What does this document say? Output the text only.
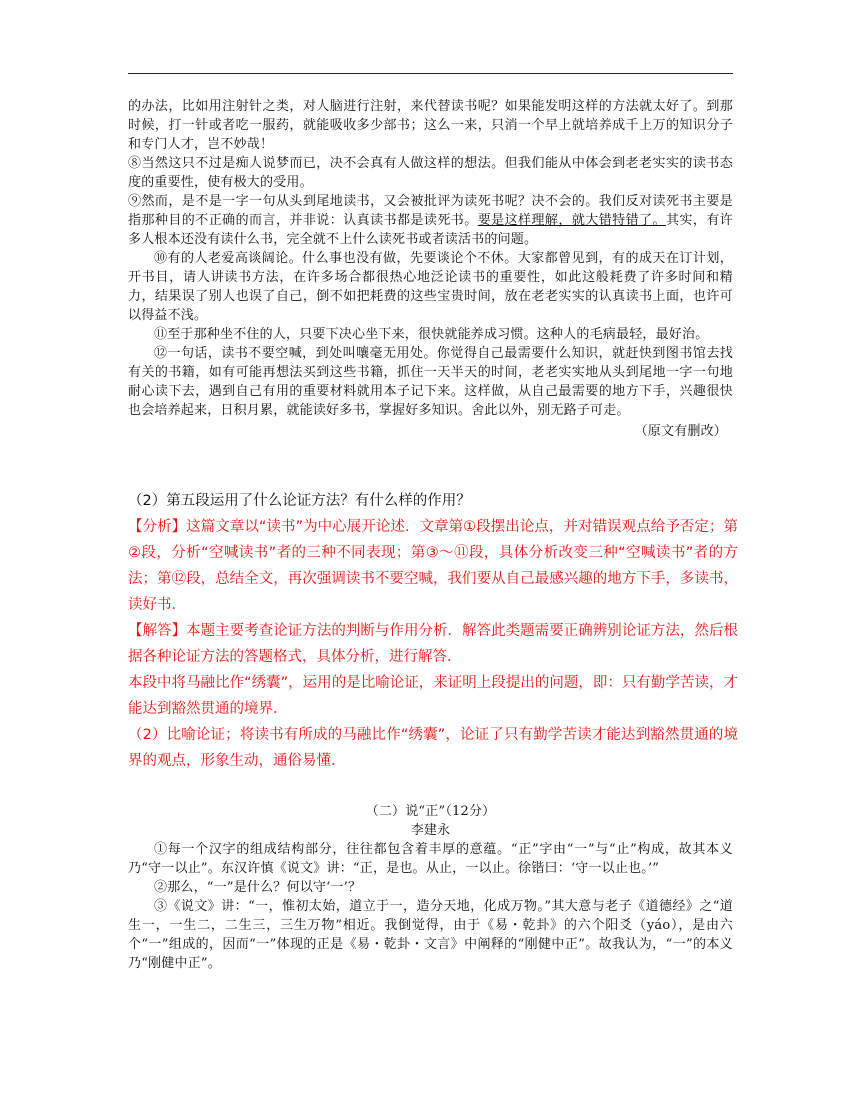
的办法，比如用注射针之类，对人脑进行注射，来代替读书呢？如果能发明这样的方法就太好了。到那时候，打一针或者吃一服药，就能吸收多少部书；这么一来，只消一个早上就培养成千上万的知识分子和专门人才，岂不妙哉！

⑧当然这只不过是痴人说梦而已，决不会真有人做这样的想法。但我们能从中体会到老老实实的读书态度的重要性，使有极大的受用。

⑨然而，是不是一字一句从头到尾地读书，又会被批评为读死书呢？决不会的。我们反对读死书主要是指那种目的不正确的而言，并非说：认真读书都是读死书。要是这样理解，就大错特错了。其实，有许多人根本还没有读什么书，完全就不上什么读死书或者读活书的问题。

⑩有的人老爱高谈阔论。什么事也没有做，先要谈论个不休。大家都曾见到，有的成天在订计划，开书目，请人讲读书方法，在许多场合都很热心地泛论读书的重要性，如此这般耗费了许多时间和精力，结果误了别人也误了自己，倒不如把耗费的这些宝贵时间，放在老老实实的认真读书上面，也许可以得益不浅。

⑪至于那种坐不住的人，只要下决心坐下来，很快就能养成习惯。这种人的毛病最轻，最好治。

⑫一句话，读书不要空喊，到处叫嚷毫无用处。你觉得自己最需要什么知识，就赶快到图书馆去找有关的书籍，如有可能再想法买到这些书籍，抓住一天半天的时间，老老实实地从头到尾地一字一句地耐心读下去，遇到自己有用的重要材料就用本子记下来。这样做，从自己最需要的地方下手，兴趣很快也会培养起来，日积月累，就能读好多书，掌握好多知识。舍此以外，别无路子可走。

（原文有删改）

（2）第五段运用了什么论证方法？有什么样的作用？

【分析】这篇文章以“读书”为中心展开论述．文章第①段摆出论点，并对错误观点给予否定；第②段，分析“空喊读书”者的三种不同表现；第③～⑪段，具体分析改变三种“空喊读书”者的方法；第⑫段，总结全文，再次强调读书不要空喊，我们要从自己最感兴趣的地方下手，多读书，读好书．

【解答】本题主要考查论证方法的判断与作用分析．解答此类题需要正确辨别论证方法，然后根据各种论证方法的答题格式，具体分析，进行解答．

本段中将马融比作“绣囊”，运用的是比喻论证，来证明上段提出的问题，即：只有勤学苦读，才能达到豁然贯通的境界．

（2）比喻论证；将读书有所成的马融比作“绣囊”，论证了只有勤学苦读才能达到豁然贯通的境界的观点，形象生动，通俗易懂．

（二）说“正”（12分）

李建永

①每一个汉字的组成结构部分，往往都包含着丰厚的意蕴。“正”字由“一”与“止”构成，故其本义乃“守一以止”。东汉许慎《说文》讲：“正，是也。从止，一以止。徐锴曰：‘守一以止也。’”

②那么，“一”是什么？何以守‘一’？

③《说文》讲：“一，惟初太始，道立于一，造分天地，化成万物。”其大意与老子《道德经》之“道生一，一生二，二生三，三生万物”相近。我倒觉得，由于《易・乾卦》的六个阳爻（yáo），是由六个“一”组成的，因而“一”体现的正是《易・乾卦・文言》中阐释的“刚健中正”。故我认为，“一”的本义乃“刚健中正”。
